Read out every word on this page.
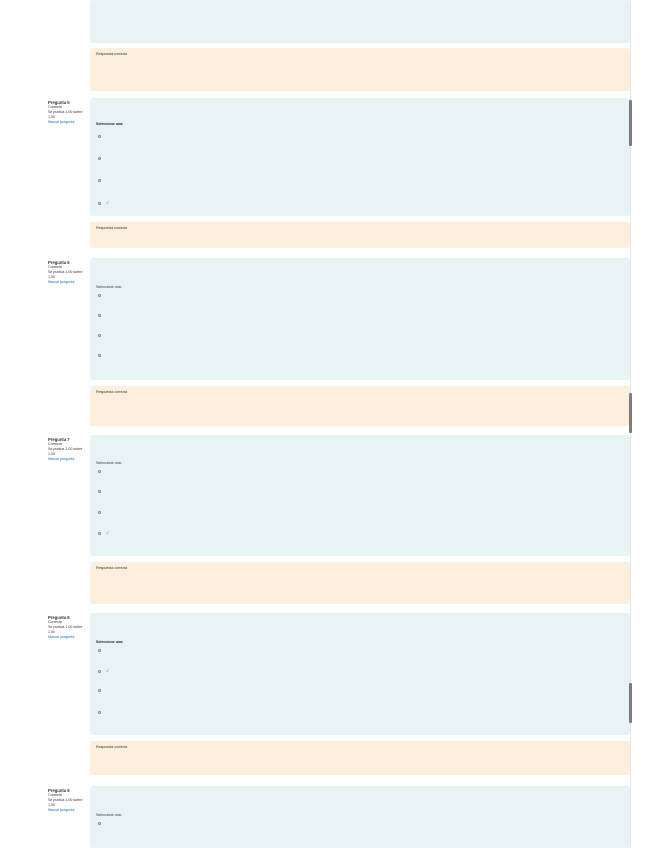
Respuesta correcta
Pregunta 5
Correcta
Se puntúa 1,00 sobre 1,00
Marcar pregunta	Seleccione una:
✓
Respuesta correcta
Pregunta 6
Correcta
Se puntúa 1,00 sobre 1,00
Marcar pregunta
Seleccione una:
Respuesta correcta
Pregunta 7
Correcta
Se puntúa 1,00 sobre 1,00
Marcar pregunta
Seleccione una:
✓
Respuesta correcta
Pregunta 8
Correcta
Se puntúa 1,00 sobre 1,00
Marcar pregunta
Seleccione una:
✓
Respuesta correcta
Pregunta 9
Correcta
Se puntúa 1,00 sobre 1,00
Marcar pregunta
Seleccione una:
